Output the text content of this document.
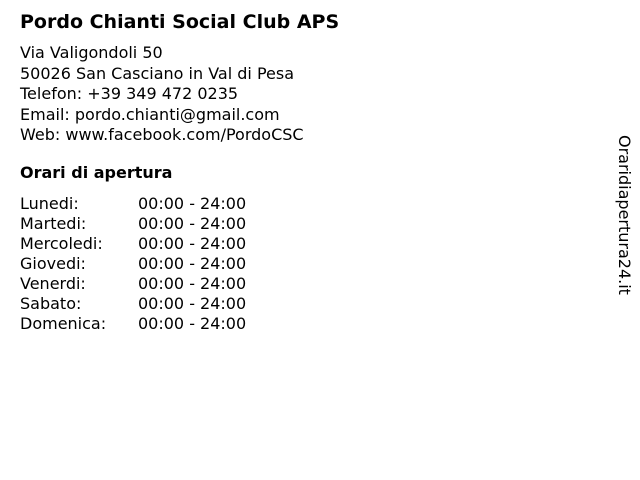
Pordo Chianti Social Club APS
Via Valigondoli 50
50026 San Casciano in Val di Pesa
Telefon: +39 349 472 0235
Email: pordo.chianti@gmail.com
Web: www.facebook.com/PordoCSC
Orari di apertura
Lunedi:	00:00 - 24:00
Martedi:	00:00 - 24:00
Mercoledi: 00:00 - 24:00
Giovedi:	00:00 - 24:00
Venerdi:	00:00 - 24:00
Sabato:	00:00 - 24:00
Domenica: 00:00 - 24:00
Oraridiapertura24.it
